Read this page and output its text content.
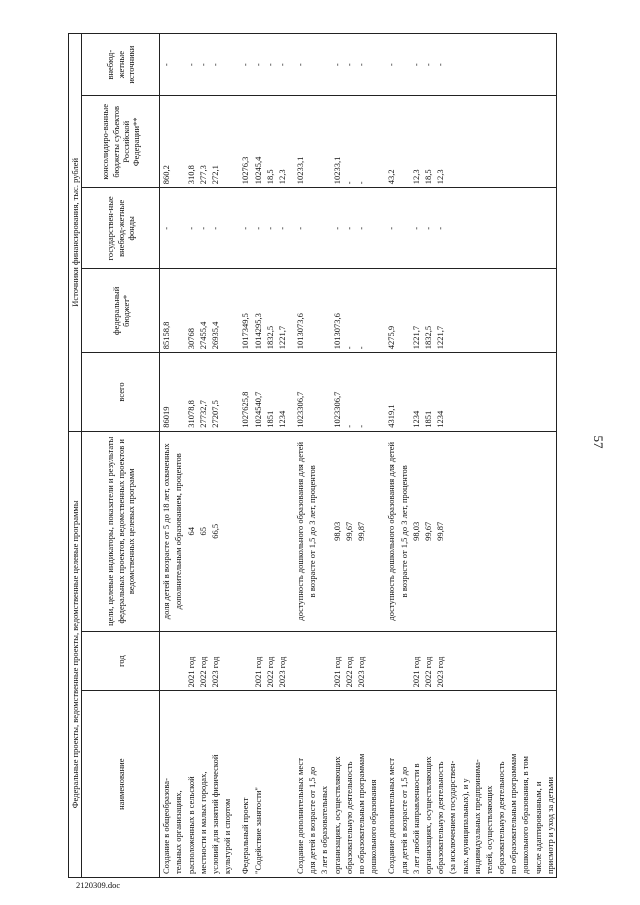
57
Федеральные проекты, ведомственные проекты, ведомственные целевые программы			Источники финансирования, тыс. рублей				
наименование	год	цели, целевые индикаторы, показатели и результаты федеральных проектов, ведомственных проектов и ведомственных целевых программ	всего	федеральный бюджет*	государствен-ные внебюд-жетные фонды	консолидиро-ванные бюджеты субъектов Российской Федерации**	внебюд-жетные источники
Создание в общеобразова-		доля детей в возрасте от 5 до 18 лет, охваченных	86019	85158,8	-	860,2	-
тельных организациях,		дополнительным образованием, процентов					
расположенных в сельской	2021 год	64	31078,8	30768	-	310,8	-
местности и малых городах,	2022 год	65	27732,7	27455,4	-	277,3	-
условий для занятий физической	2023 год	66,5	27207,5	26935,4	-	272,1	-
культурой и спортом							

Федеральный проект			1027625,8	1017349,5	-	10276,3	-
"Содействие занятости"	2021 год		1024540,7	1014295,3	-	10245,4	-
	2022 год		1851	1832,5	-	18,5	-
	2023 год		1234	1221,7	-	12,3	-

Создание дополнительных мест		доступность дошкольного образования для детей	1023306,7	1013073,6	-	10233,1	-
для детей в возрасте от 1,5 до		в возрасте от 1,5 до 3 лет, процентов					
3 лет в образовательных							
организациях, осуществляющих	2021 год	98,03	1023306,7	1013073,6	-	10233,1	-
образовательную деятельность	2022 год	99,67	-	-	-	-	-
по образовательным программам	2023 год	99,87	-	-	-	-	-
дошкольного образования							

Создание дополнительных мест		доступность дошкольного образования для детей	4319,1	4275,9	-	43,2	-
для детей в возрасте от 1,5 до		в возрасте от 1,5 до 3 лет, процентов					
3 лет любой направленности в	2021 год	98,03	1234	1221,7	-	12,3	-
организациях, осуществляющих	2022 год	99,67	1851	1832,5	-	18,5	-
образовательную деятельность	2023 год	99,87	1234	1221,7	-	12,3	-
(за исключением государствен-							
ных, муниципальных), и у							
индивидуальных предпринима-							
телей, осуществляющих							
образовательную деятельность							
по образовательным программам							
дошкольного образования, в том							
числе адаптированным, и							
присмотр и уход за детьми							
2120309.doc
